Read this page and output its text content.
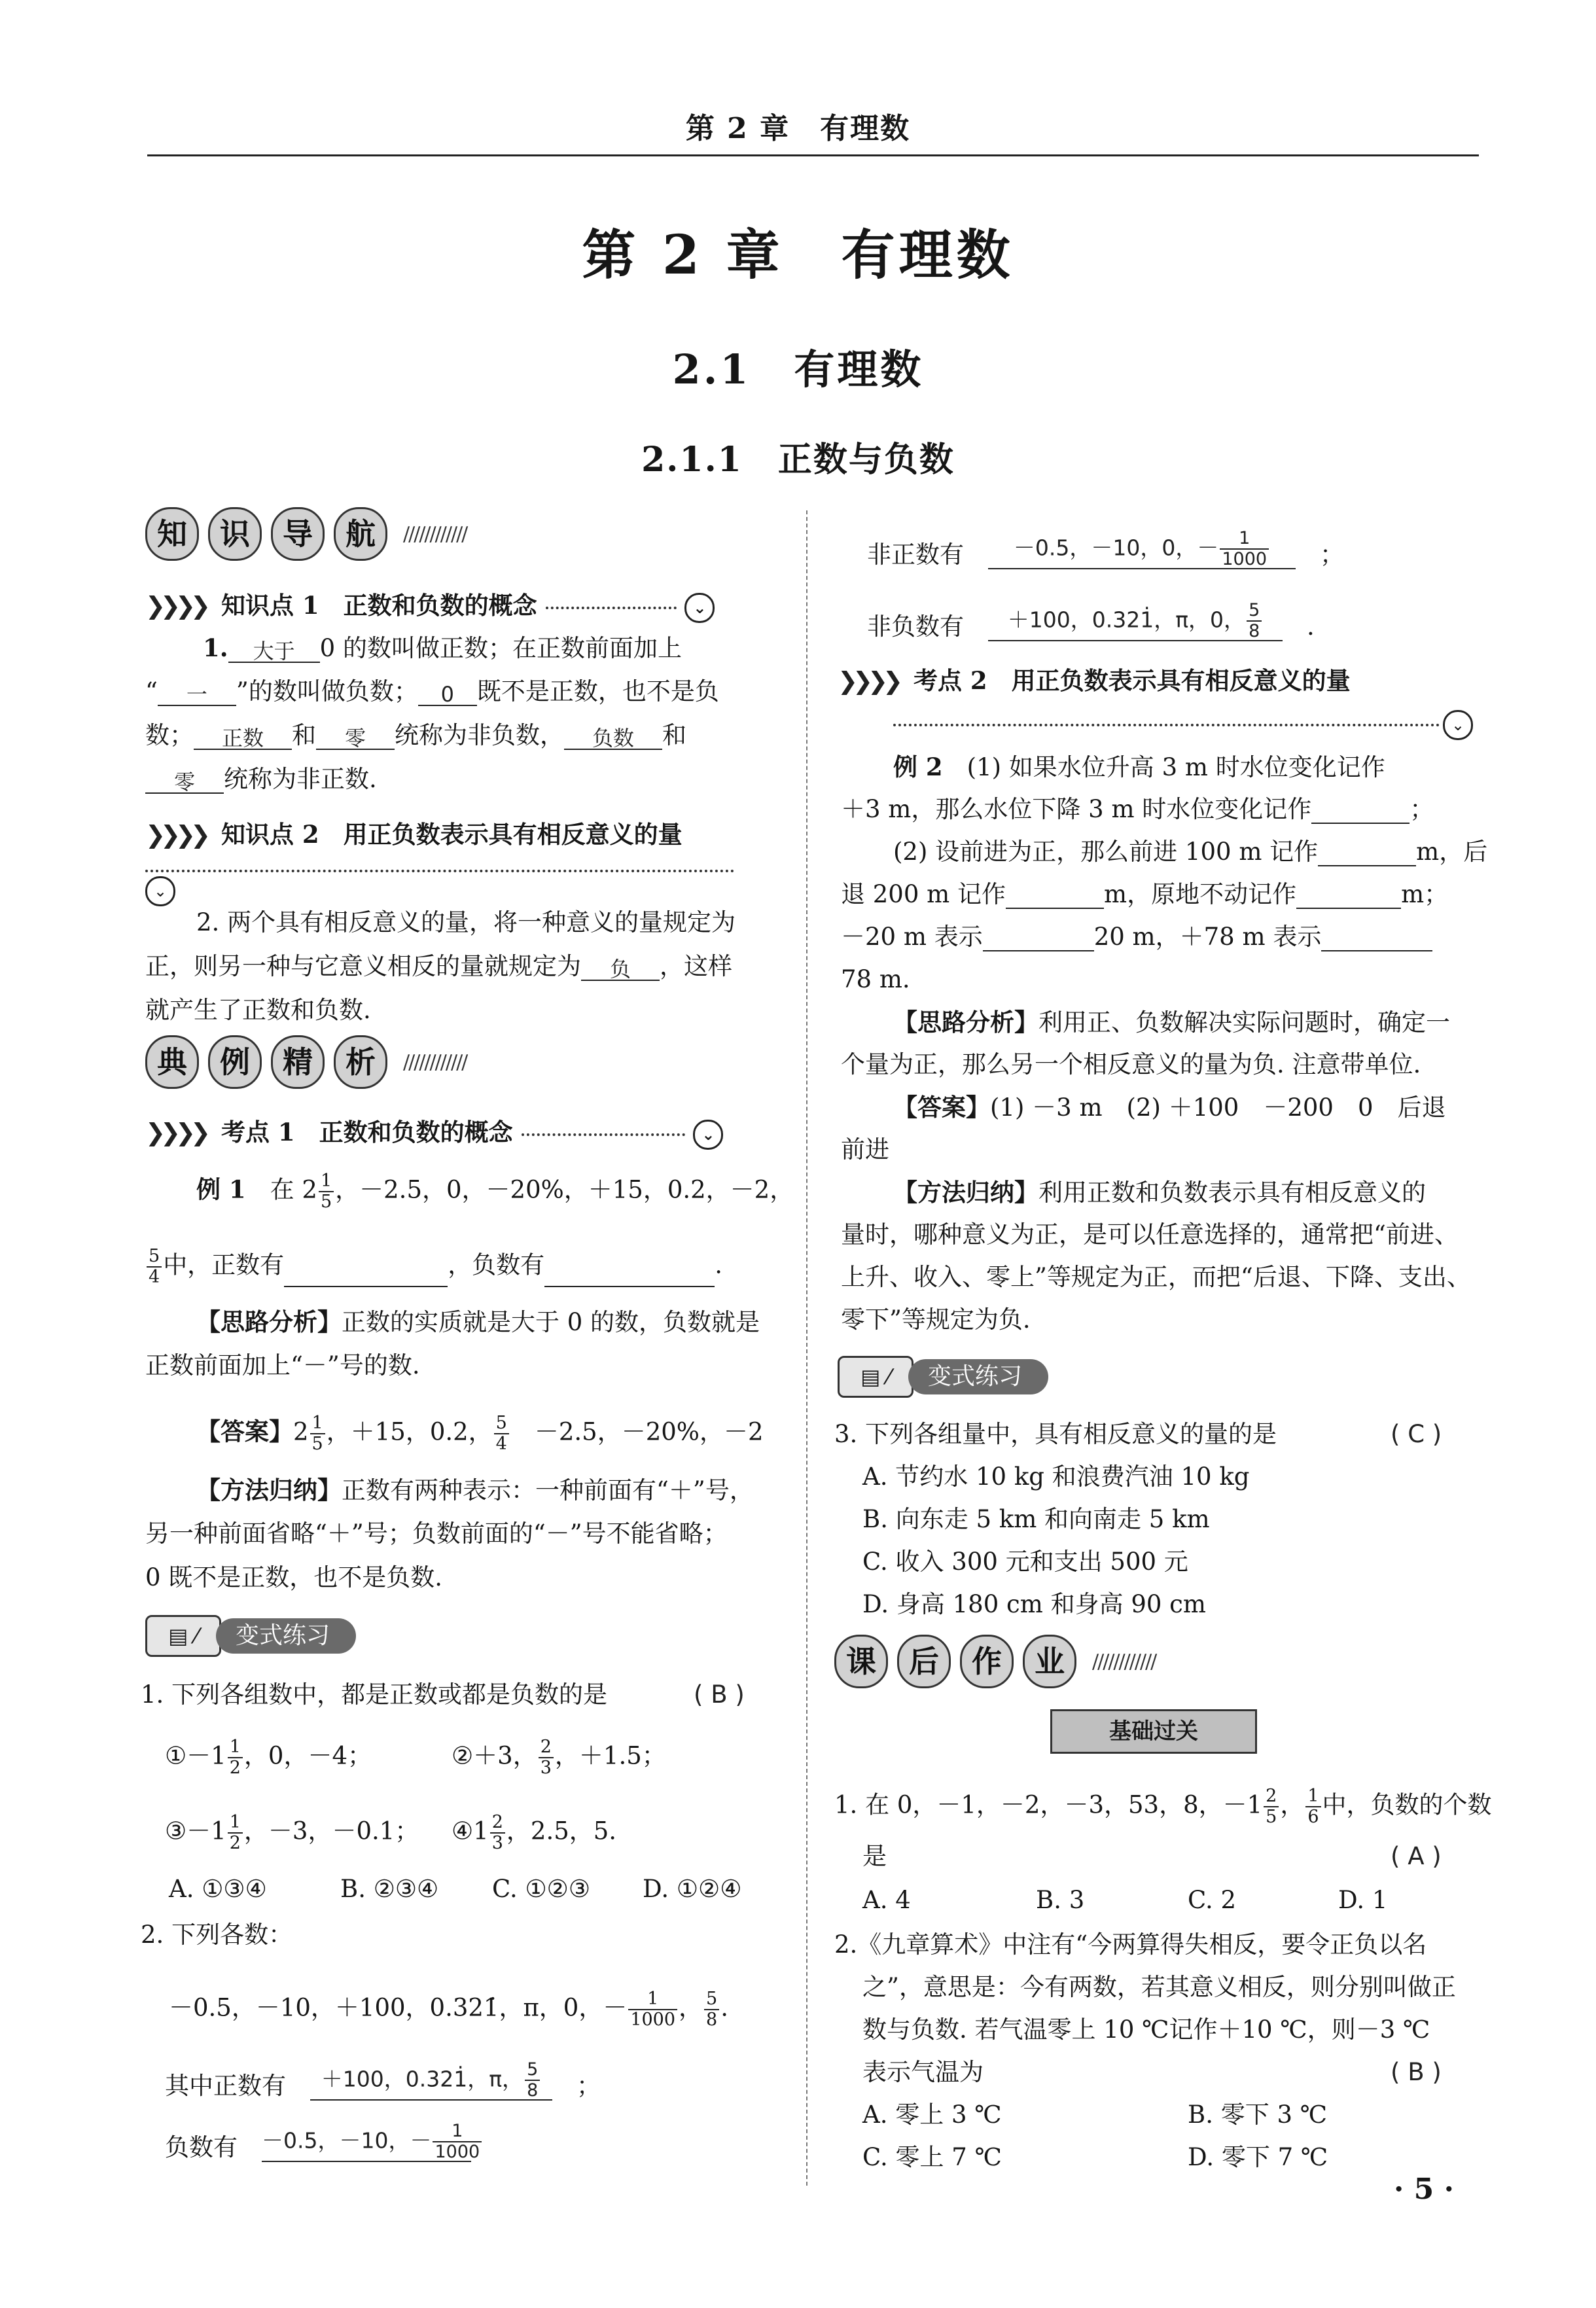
第 2 章　有理数
第 2 章　有理数
2.1　有理数
2.1.1　正数与负数
知 识 导 航 ////////////
❯❯❯❯ 知识点 1　 正数和负数的概念	⌄
1. 大于 0 的数叫做正数；在正数前面加上
“ 一 ”的数叫做负数； 0 既不是正数，也不是负
数； 正数 和 零 统称为非负数， 负数 和
零 统称为非正数.
❯❯❯❯ 知识点 2　 用正负数表示具有相反意义的量
⌄
2. 两个具有相反意义的量，将一种意义的量规定为
正，则另一种与它意义相反的量就规定为 负 ，这样
就产生了正数和负数.
典 例 精 析 ////////////
❯❯❯❯ 考点 1　 正数和负数的概念	⌄
例 1　 在 $2 \frac{1}{5}$ ，－2.5，0，－20%，＋15，0.2，－2，
$\frac{5}{4}$ 中，正数有	，负数有	.
【思路分析】正数的实质就是大于 0 的数，负数就是
正数前面加上“－”号的数.
【答案】$2 \frac{1}{5}$ ，＋15，0.2， $\frac{5}{4}$ 　－2.5，－20%，－2
【方法归纳】正数有两种表示：一种前面有“＋”号，
另一种前面省略“＋”号；负数前面的“－”号不能省略；
0 既不是正数，也不是负数.
▤ ⁄ 变式练习
1. 下列各组数中，都是正数或都是负数的是	( B )
①－1 $\frac{1}{2}$ ，0，－4；	②＋3， $\frac{2}{3}$ ，＋1.5；
③－1 $\frac{1}{2}$ ，－3，－0.1； ④1 $\frac{2}{3}$ ，2.5，5.
A. ①③④	B. ②③④ C. ①②③ D. ①②④
2. 下列各数：
－0.5，－10，＋100，0.321̇，π，0，－ $\frac{1}{1000}$ ， $\frac{5}{8}$ .
其中正数有　 ＋100，0.321̇，π， $\frac{5}{8}$
　 ；
负数有　 －0.5，－10，－ $\frac{1}{1000}$
非正数有　 －0.5，－10，0，－ $\frac{1}{1000}$
　 ；
非负数有　 ＋100，0.321̇，π，0， $\frac{5}{8}$
　 .
❯❯❯❯ 考点 2　 用正负数表示具有相反意义的量
⌄
例 2　 (1) 如果水位升高 3 m 时水位变化记作
＋3 m，那么水位下降 3 m 时水位变化记作	；
(2) 设前进为正，那么前进 100 m 记作	m，后
退 200 m 记作	m，原地不动记作	m；
－20 m 表示	20 m，＋78 m 表示
78 m.
【思路分析】利用正、负数解决实际问题时，确定一
个量为正，那么另一个相反意义的量为负. 注意带单位.
【答案】(1) －3 m　(2) ＋100　－200　0　后退
前进
【方法归纳】利用正数和负数表示具有相反意义的
量时，哪种意义为正，是可以任意选择的，通常把“前进、
上升、收入、零上”等规定为正，而把“后退、下降、支出、
零下”等规定为负.
▤ ⁄ 变式练习
3. 下列各组量中，具有相反意义的量的是	( C )
A. 节约水 10 kg 和浪费汽油 10 kg
B. 向东走 5 km 和向南走 5 km
C. 收入 300 元和支出 500 元
D. 身高 180 cm 和身高 90 cm
课 后 作 业 ////////////
基础过关
1. 在 0，－1，－2，－3，53，8，$-1 \frac{2}{5}$ ， $\frac{1}{6}$ 中，负数的个数
是	( A )
A. 4	B. 3	C. 2	D. 1
2.《九章算术》中注有“今两算得失相反，要令正负以名
之”，意思是：今有两数，若其意义相反，则分别叫做正
数与负数. 若气温零上 10 ℃记作＋10 ℃，则－3 ℃
表示气温为	( B )
A. 零上 3 ℃	B. 零下 3 ℃
C. 零上 7 ℃	D. 零下 7 ℃
· 5 ·
